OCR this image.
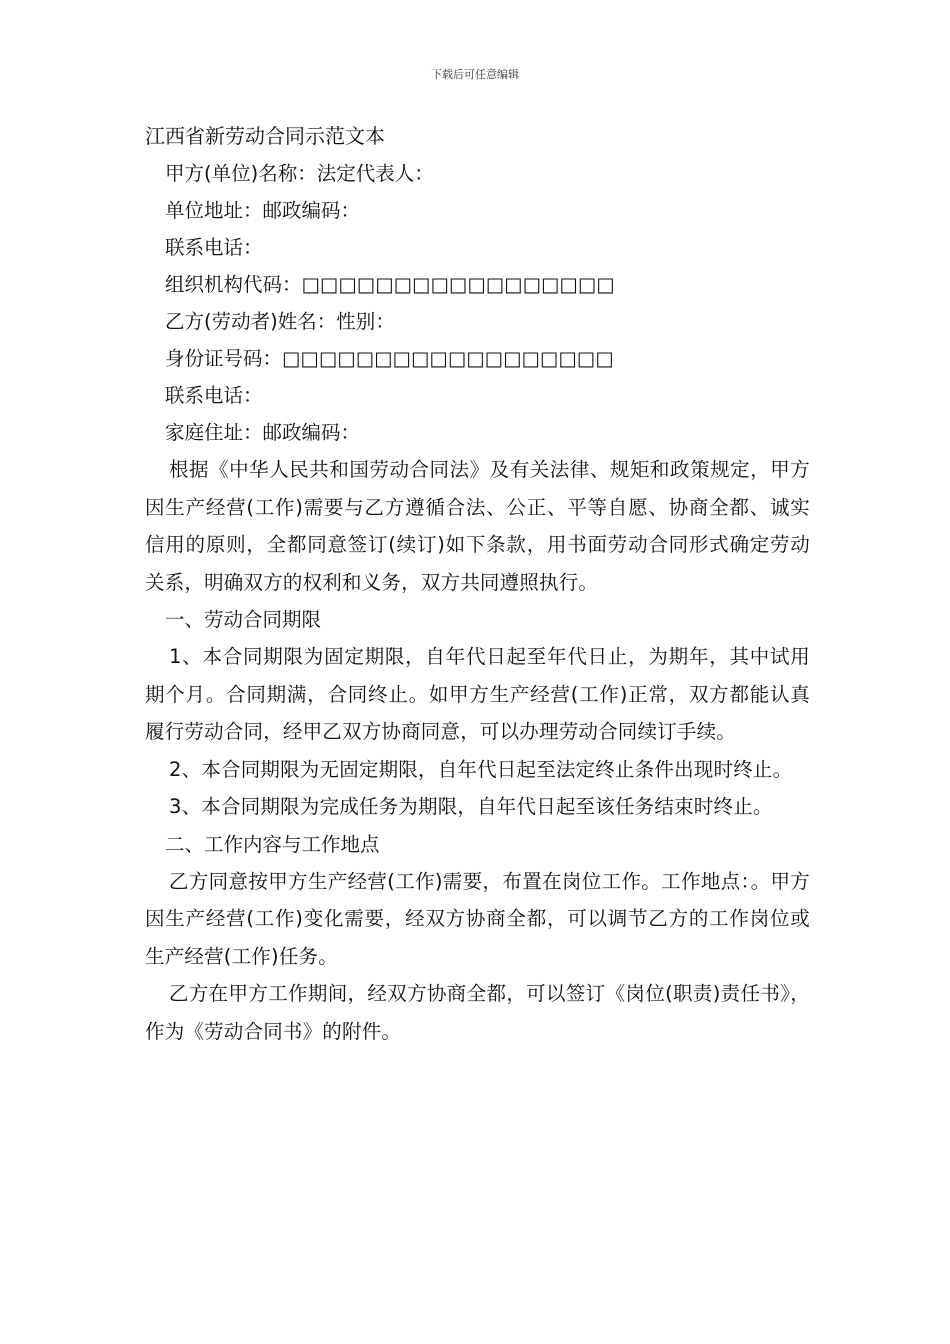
下载后可任意编辑

江西省新劳动合同示范文本

甲方(单位)名称：法定代表人：

单位地址：邮政编码：

联系电话：

组织机构代码：□□□□□□□□□□□□□□□□□

乙方(劳动者)姓名：性别：

身份证号码：□□□□□□□□□□□□□□□□□□

联系电话：

家庭住址：邮政编码：

根据《中华人民共和国劳动合同法》及有关法律、规矩和政策规定，甲方因生产经营(工作)需要与乙方遵循合法、公正、平等自愿、协商全都、诚实信用的原则，全都同意签订(续订)如下条款，用书面劳动合同形式确定劳动关系，明确双方的权利和义务，双方共同遵照执行。

一、劳动合同期限

1、本合同期限为固定期限，自年代日起至年代日止，为期年，其中试用期个月。合同期满，合同终止。如甲方生产经营(工作)正常，双方都能认真履行劳动合同，经甲乙双方协商同意，可以办理劳动合同续订手续。

2、本合同期限为无固定期限，自年代日起至法定终止条件出现时终止。

3、本合同期限为完成任务为期限，自年代日起至该任务结束时终止。

二、工作内容与工作地点

乙方同意按甲方生产经营(工作)需要，布置在岗位工作。工作地点：。甲方因生产经营(工作)变化需要，经双方协商全都，可以调节乙方的工作岗位或生产经营(工作)任务。

乙方在甲方工作期间，经双方协商全都，可以签订《岗位(职责)责任书》，作为《劳动合同书》的附件。
